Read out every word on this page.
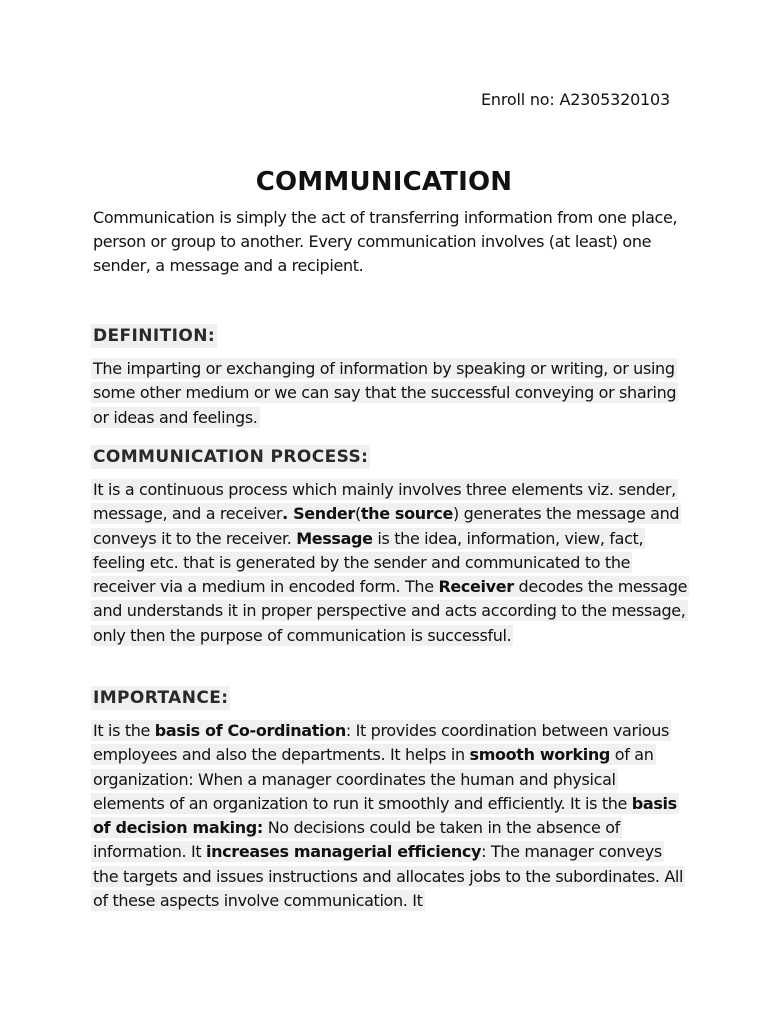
Enroll no: A2305320103
COMMUNICATION
Communication is simply the act of transferring information from one place, person or group to another. Every communication involves (at least) one sender, a message and a recipient.
DEFINITION:
The imparting or exchanging of information by speaking or writing, or using some other medium or we can say that the successful conveying or sharing or ideas and feelings.
COMMUNICATION PROCESS:
It is a continuous process which mainly involves three elements viz. sender, message, and a receiver. Sender(the source) generates the message and conveys it to the receiver. Message is the idea, information, view, fact, feeling etc. that is generated by the sender and communicated to the receiver via a medium in encoded form. The Receiver decodes the message and understands it in proper perspective and acts according to the message, only then the purpose of communication is successful.
IMPORTANCE:
It is the basis of Co-ordination: It provides coordination between various employees and also the departments. It helps in smooth working of an organization: When a manager coordinates the human and physical elements of an organization to run it smoothly and efficiently. It is the basis of decision making: No decisions could be taken in the absence of information. It increases managerial efficiency: The manager conveys the targets and issues instructions and allocates jobs to the subordinates. All of these aspects involve communication. It
